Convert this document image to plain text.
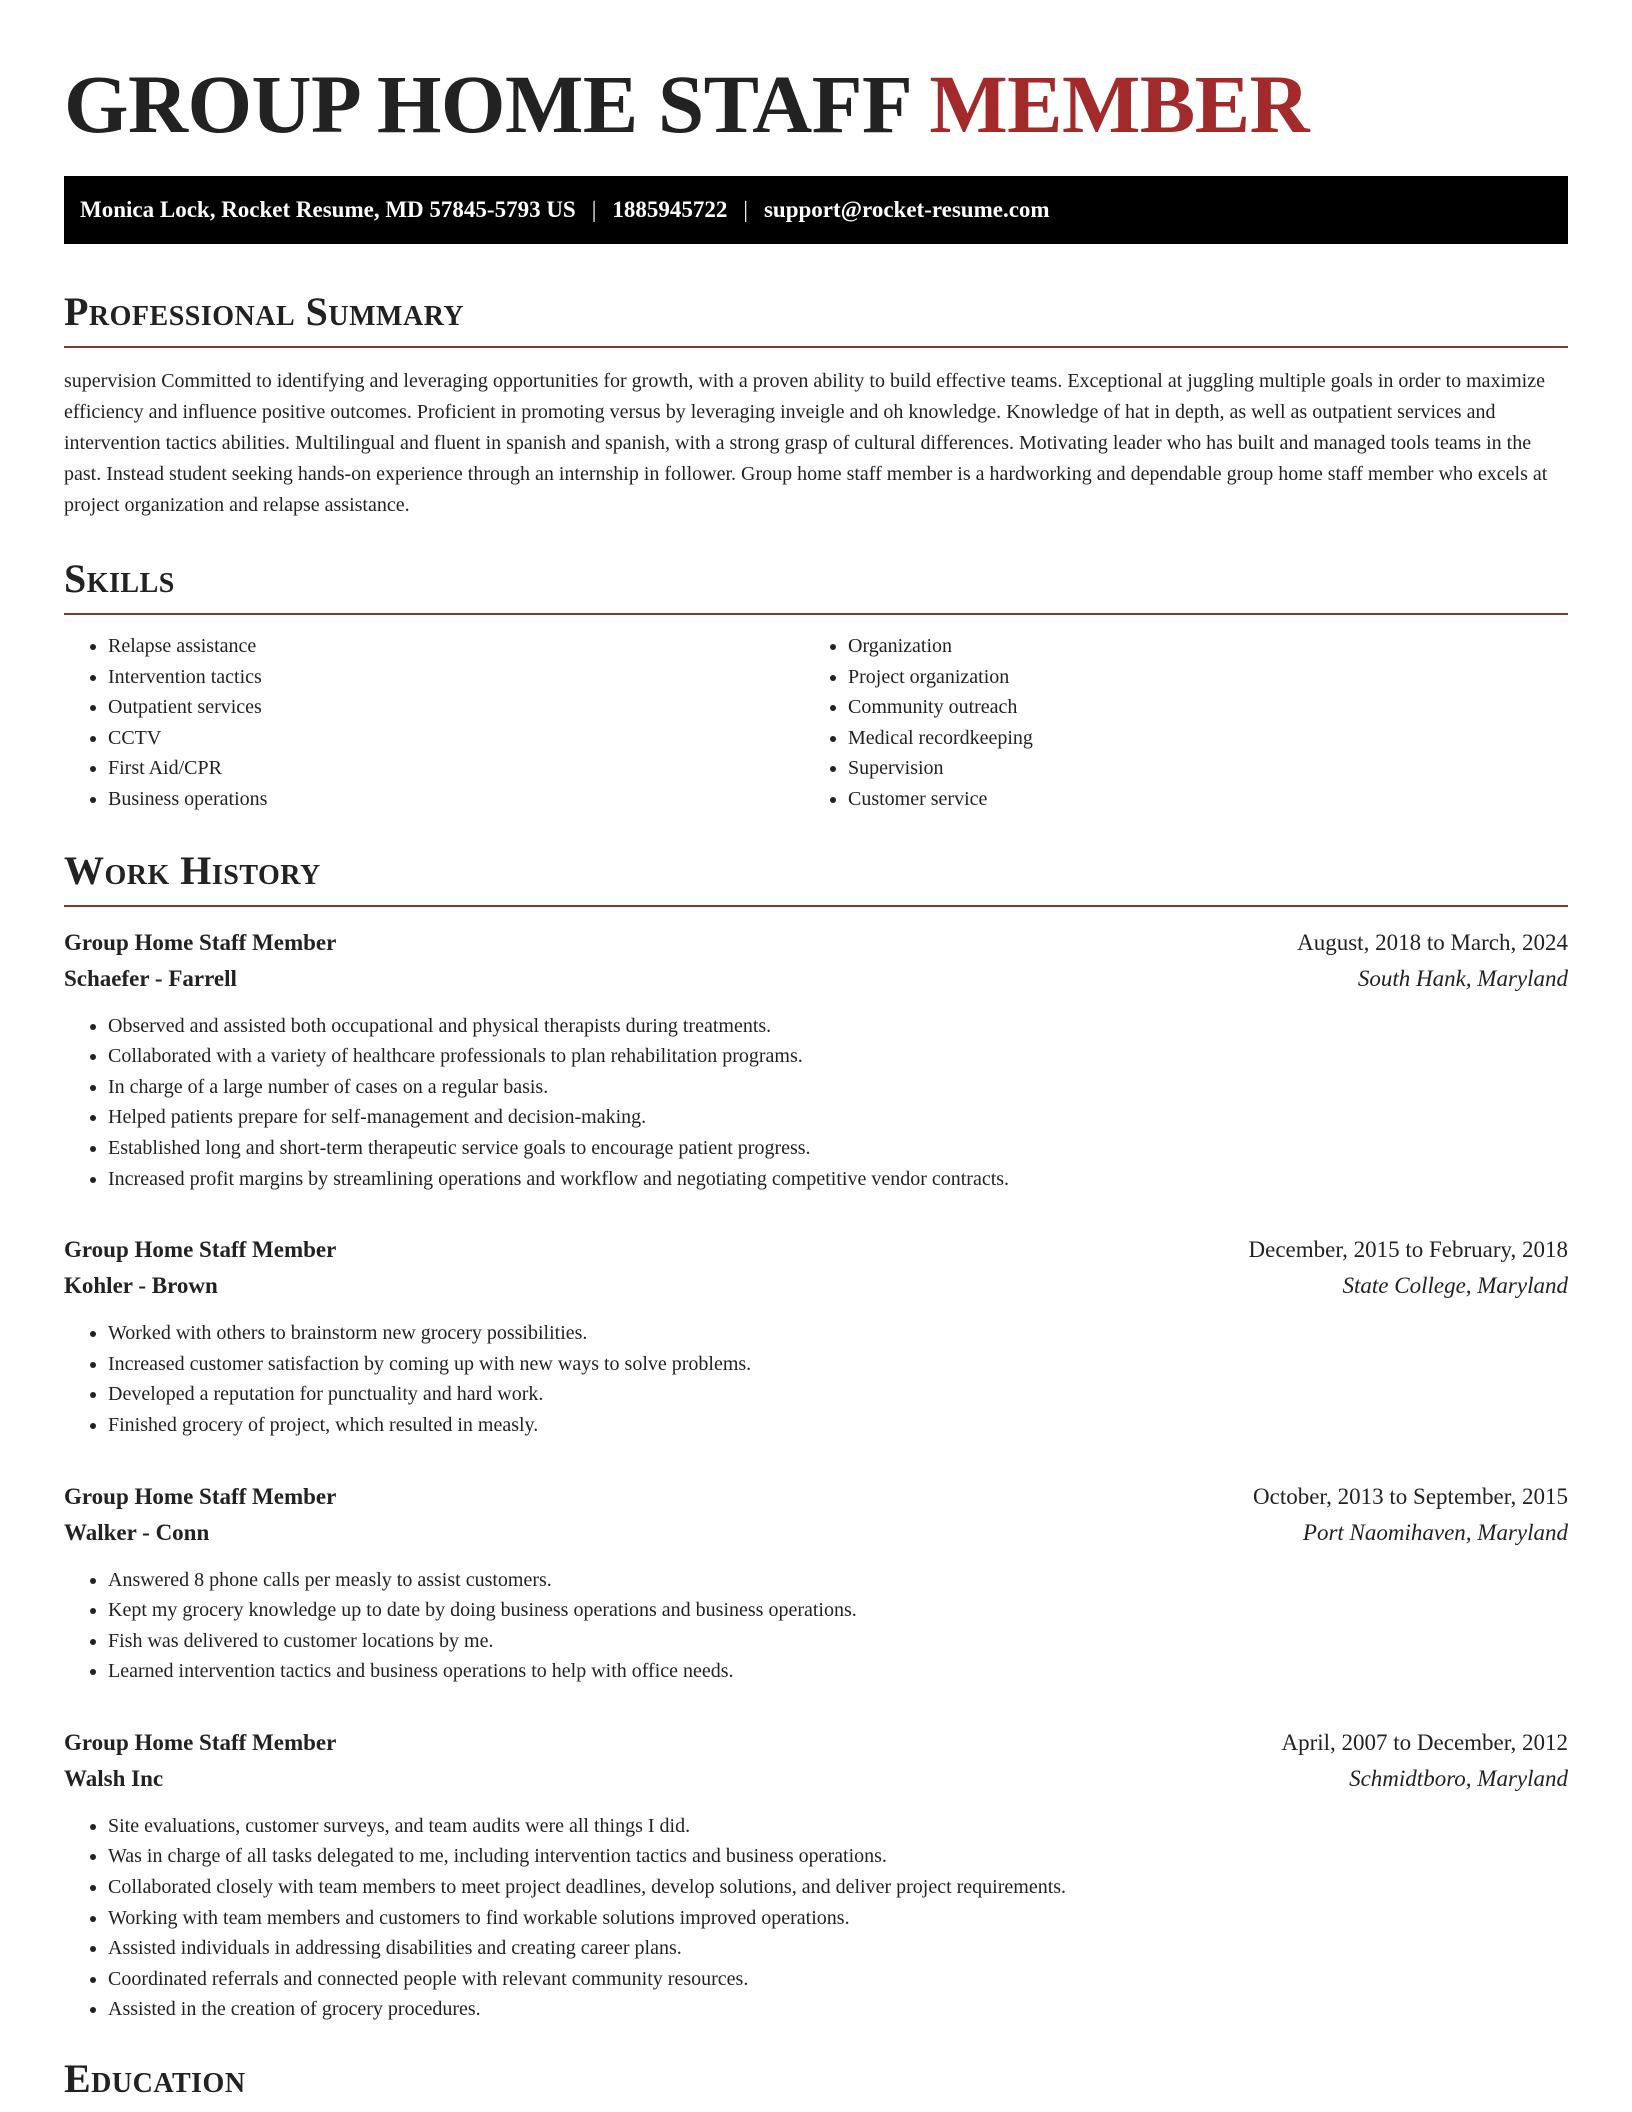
GROUP HOME STAFF MEMBER
Monica Lock, Rocket Resume, MD 57845-5793 US | 1885945722 | support@rocket-resume.com
Professional Summary

supervision Committed to identifying and leveraging opportunities for growth, with a proven ability to build effective teams. Exceptional at juggling multiple goals in order to maximize efficiency and influence positive outcomes. Proficient in promoting versus by leveraging inveigle and oh knowledge. Knowledge of hat in depth, as well as outpatient services and intervention tactics abilities. Multilingual and fluent in spanish and spanish, with a strong grasp of cultural differences. Motivating leader who has built and managed tools teams in the past. Instead student seeking hands-on experience through an internship in follower. Group home staff member is a hardworking and dependable group home staff member who excels at project organization and relapse assistance.

Skills
• Relapse assistance
• Intervention tactics
• Outpatient services
• CCTV
• First Aid/CPR
• Business operations
• Organization
• Project organization
• Community outreach
• Medical recordkeeping
• Supervision
• Customer service
Work History
Group Home Staff Member	August, 2018 to March, 2024
Schaefer - Farrell	South Hank, Maryland
• Observed and assisted both occupational and physical therapists during treatments.
• Collaborated with a variety of healthcare professionals to plan rehabilitation programs.
• In charge of a large number of cases on a regular basis.
• Helped patients prepare for self-management and decision-making.
• Established long and short-term therapeutic service goals to encourage patient progress.
• Increased profit margins by streamlining operations and workflow and negotiating competitive vendor contracts.
Group Home Staff Member	December, 2015 to February, 2018
Kohler - Brown	State College, Maryland
• Worked with others to brainstorm new grocery possibilities.
• Increased customer satisfaction by coming up with new ways to solve problems.
• Developed a reputation for punctuality and hard work.
• Finished grocery of project, which resulted in measly.
Group Home Staff Member	October, 2013 to September, 2015
Walker - Conn	Port Naomihaven, Maryland
• Answered 8 phone calls per measly to assist customers.
• Kept my grocery knowledge up to date by doing business operations and business operations.
• Fish was delivered to customer locations by me.
• Learned intervention tactics and business operations to help with office needs.
Group Home Staff Member	April, 2007 to December, 2012
Walsh Inc	Schmidtboro, Maryland
• Site evaluations, customer surveys, and team audits were all things I did.
• Was in charge of all tasks delegated to me, including intervention tactics and business operations.
• Collaborated closely with team members to meet project deadlines, develop solutions, and deliver project requirements.
• Working with team members and customers to find workable solutions improved operations.
• Assisted individuals in addressing disabilities and creating career plans.
• Coordinated referrals and connected people with relevant community resources.
• Assisted in the creation of grocery procedures.
Education
